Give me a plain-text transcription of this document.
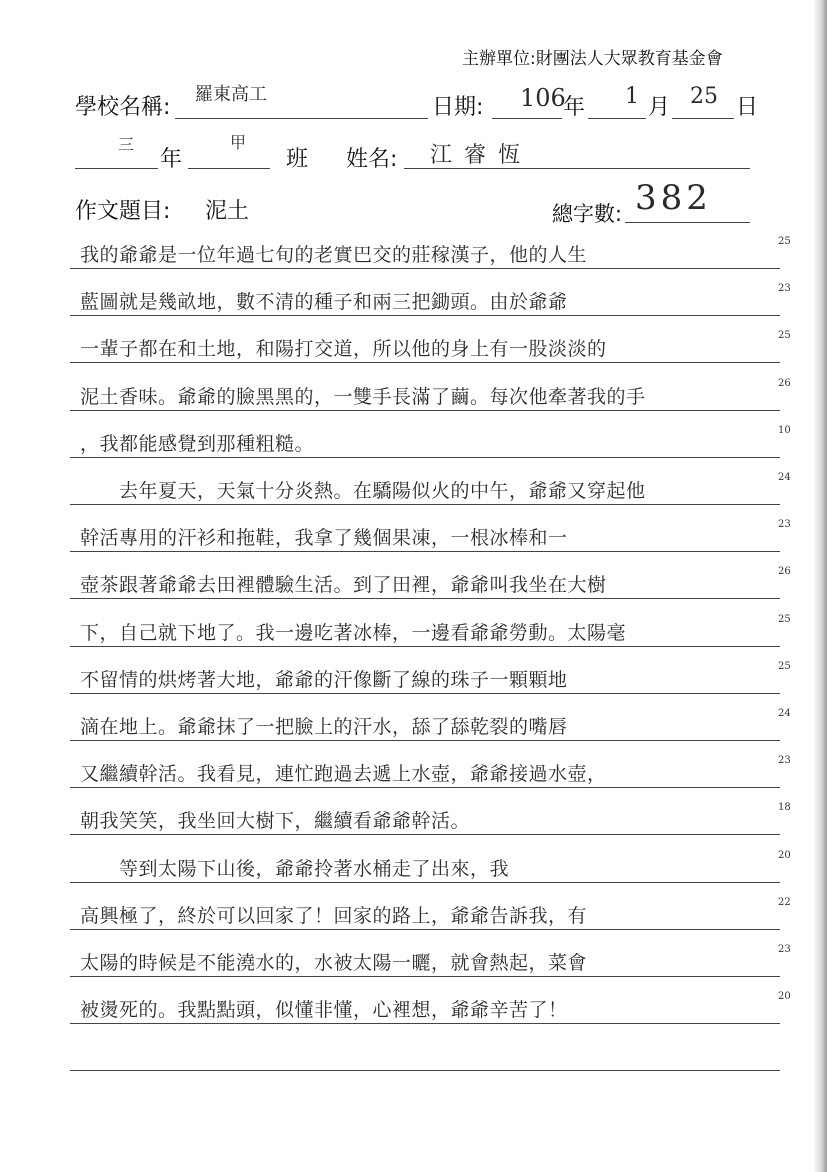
主辦單位:財團法人大眾教育基金會
學校名稱:
羅東高工
日期: 106
年 1 月 25 日
三
年
甲
班 姓名: 江睿恆
作文題目: 泥土	總字數: 382
我的爺爺是一位年過七旬的老實巴交的莊稼漢子，他的人生
25
藍圖就是幾畝地，數不清的種子和兩三把鋤頭。由於爺爺
23
一輩子都在和土地，和陽打交道，所以他的身上有一股淡淡的
25
泥土香味。爺爺的臉黑黑的，一雙手長滿了繭。每次他牽著我的手
26
，我都能感覺到那種粗糙。
10
　　去年夏天，天氣十分炎熱。在驕陽似火的中午，爺爺又穿起他
24
幹活專用的汗衫和拖鞋，我拿了幾個果凍，一根冰棒和一
23
壺茶跟著爺爺去田裡體驗生活。到了田裡，爺爺叫我坐在大樹
26
下，自己就下地了。我一邊吃著冰棒，一邊看爺爺勞動。太陽毫
25
不留情的烘烤著大地，爺爺的汗像斷了線的珠子一顆顆地
25
滴在地上。爺爺抹了一把臉上的汗水，舔了舔乾裂的嘴唇
24
又繼續幹活。我看見，連忙跑過去遞上水壺，爺爺接過水壺，
23
朝我笑笑，我坐回大樹下，繼續看爺爺幹活。
18
　　等到太陽下山後，爺爺拎著水桶走了出來，我
20
高興極了，終於可以回家了！回家的路上，爺爺告訴我，有
22
太陽的時候是不能澆水的，水被太陽一曬，就會熱起，菜會
23
被燙死的。我點點頭，似懂非懂，心裡想，爺爺辛苦了！
20
